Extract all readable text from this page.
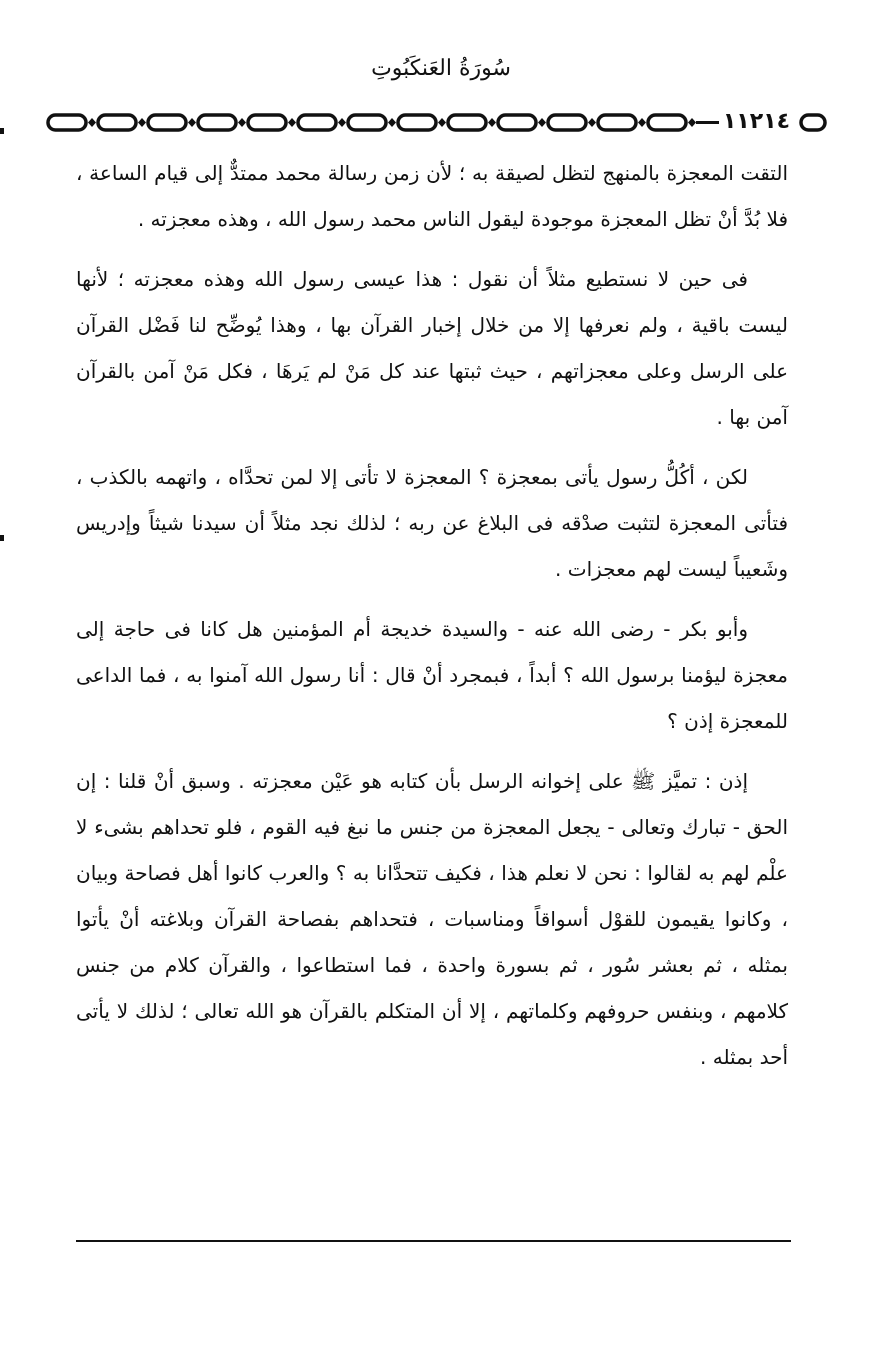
سُورَةُ العَنكَبُوتِ
١١٢١٤

التقت المعجزة بالمنهج لتظل لصيقة به ؛ لأن زمن رسالة محمد ممتدٌّ إلى قيام الساعة ، فلا بُدَّ أنْ تظل المعجزة موجودة ليقول الناس محمد رسول الله ، وهذه معجزته .

فى حين لا نستطيع مثلاً أن نقول : هذا عيسى رسول الله وهذه معجزته ؛ لأنها ليست باقية ، ولم نعرفها إلا من خلال إخبار القرآن بها ، وهذا يُوضِّح لنا فَضْل القرآن على الرسل وعلى معجزاتهم ، حيث ثبتها عند كل مَنْ لم يَرهَا ، فكل مَنْ آمن بالقرآن آمن بها .

لكن ، أكُلُّ رسول يأتى بمعجزة ؟ المعجزة لا تأتى إلا لمن تحدَّاه ، واتهمه بالكذب ، فتأتى المعجزة لتثبت صدْقه فى البلاغ عن ربه ؛ لذلك نجد مثلاً أن سيدنا شيثاً وإدريس وشَعيباً ليست لهم معجزات .

وأبو بكر - رضى الله عنه - والسيدة خديجة أم المؤمنين هل كانا فى حاجة إلى معجزة ليؤمنا برسول الله ؟ أبداً ، فبمجرد أنْ قال : أنا رسول الله آمنوا به ، فما الداعى للمعجزة إذن ؟

إذن : تميَّز ﷺ على إخوانه الرسل بأن كتابه هو عَيْن معجزته . وسبق أنْ قلنا : إن الحق - تبارك وتعالى - يجعل المعجزة من جنس ما نبغ فيه القوم ، فلو تحداهم بشىء لا علْم لهم به لقالوا : نحن لا نعلم هذا ، فكيف تتحدَّانا به ؟ والعرب كانوا أهل فصاحة وبيان ، وكانوا يقيمون للقوْل أسواقاً ومناسبات ، فتحداهم بفصاحة القرآن وبلاغته أنْ يأتوا بمثله ، ثم بعشر سُور ، ثم بسورة واحدة ، فما استطاعوا ، والقرآن كلام من جنس كلامهم ، وبنفس حروفهم وكلماتهم ، إلا أن المتكلم بالقرآن هو الله تعالى ؛ لذلك لا يأتى أحد بمثله .
